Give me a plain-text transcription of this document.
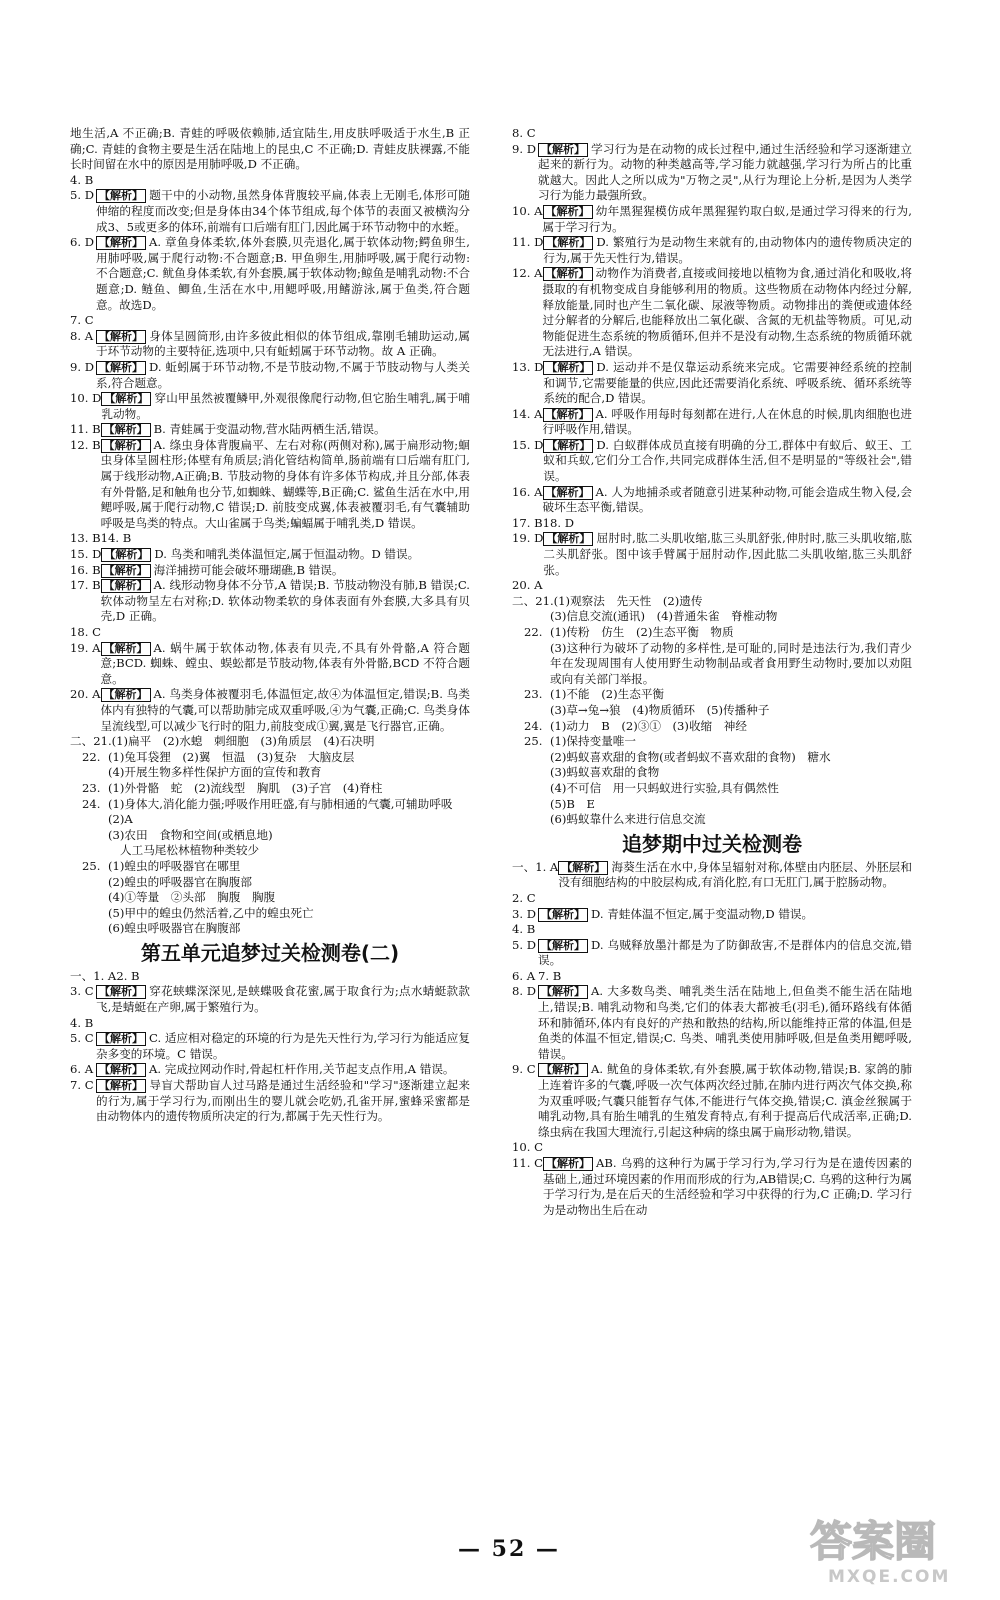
地生活,A 不正确;B. 青蛙的呼吸依赖肺,适宜陆生,用皮肤呼吸适于水生,B 正确;C. 青蛙的食物主要是生活在陆地上的昆虫,C 不正确;D. 青蛙皮肤裸露,不能长时间留在水中的原因是用肺呼吸,D 不正确。
4. B
5. D 【解析】 题干中的小动物,虽然身体背腹较平扁,体表上无刚毛,体形可随伸缩的程度而改变;但是身体由34个体节组成,每个体节的表面又被横沟分成3、5或更多的体环,前端有口后端有肛门,因此属于环节动物中的水蛭。
6. D 【解析】 A. 章鱼身体柔软,体外套膜,贝壳退化,属于软体动物;鳄鱼卵生,用肺呼吸,属于爬行动物:不合题意;B. 甲鱼卵生,用肺呼吸,属于爬行动物:不合题意;C. 鱿鱼身体柔软,有外套膜,属于软体动物;鲸鱼是哺乳动物:不合题意;D. 鲢鱼、鲫鱼,生活在水中,用鳃呼吸,用鳍游泳,属于鱼类,符合题意。故选D。
7. C
8. A 【解析】 身体呈圆筒形,由许多彼此相似的体节组成,靠刚毛辅助运动,属于环节动物的主要特征,选项中,只有蚯蚓属于环节动物。故 A 正确。
9. D 【解析】 D. 蚯蚓属于环节动物,不是节肢动物,不属于节肢动物与人类关系,符合题意。
10. D 【解析】 穿山甲虽然被覆鳞甲,外观很像爬行动物,但它胎生哺乳,属于哺乳动物。
11. B 【解析】 B. 青蛙属于变温动物,营水陆两栖生活,错误。
12. B 【解析】 A. 绦虫身体背腹扁平、左右对称(两侧对称),属于扁形动物;蛔虫身体呈圆柱形;体壁有角质层;消化管结构简单,肠前端有口后端有肛门,属于线形动物,A正确;B. 节肢动物的身体有许多体节构成,并且分部,体表有外骨骼,足和触角也分节,如蜘蛛、蝴蝶等,B正确;C. 鲨鱼生活在水中,用鳃呼吸,属于爬行动物,C 错误;D. 前肢变成翼,体表被覆羽毛,有气囊辅助呼吸是鸟类的特点。大山雀属于鸟类;蝙蝠属于哺乳类,D 错误。
13. B 14. B
15. D 【解析】 D. 鸟类和哺乳类体温恒定,属于恒温动物。D 错误。
16. B 【解析】 海洋捕捞可能会破坏珊瑚礁,B 错误。
17. B 【解析】 A. 线形动物身体不分节,A 错误;B. 节肢动物没有肺,B 错误;C. 软体动物呈左右对称;D. 软体动物柔软的身体表面有外套膜,大多具有贝壳,D 正确。
18. C
19. A 【解析】 A. 蜗牛属于软体动物,体表有贝壳,不具有外骨骼,A 符合题意;BCD. 蜘蛛、螳虫、蜈蚣都是节肢动物,体表有外骨骼,BCD 不符合题意。
20. A 【解析】 A. 鸟类身体被覆羽毛,体温恒定,故④为体温恒定,错误;B. 鸟类体内有独特的气囊,可以帮助肺完成双重呼吸,④为气囊,正确;C. 鸟类身体呈流线型,可以减少飞行时的阻力,前肢变成①翼,翼是飞行器官,正确。
二、21. (1)扁平　(2)水螅　刺细胞　(3)角质层　(4)石决明
22. (1)兔耳袋狸　(2)翼　恒温　(3)复杂　大脑皮层
(4)开展生物多样性保护方面的宣传和教育
23. (1)外骨骼　蛇　(2)流线型　胸肌　(3)子宫　(4)脊柱
24. (1)身体大,消化能力强;呼吸作用旺盛,有与肺相通的气囊,可辅助呼吸
(2)A
(3)农田　食物和空间(或栖息地)
人工马尾松林植物种类较少
25. (1)蝗虫的呼吸器官在哪里
(2)蝗虫的呼吸器官在胸腹部
(4)①等量　②头部　胸腹　胸腹
(5)甲中的蝗虫仍然活着,乙中的蝗虫死亡
(6)蝗虫呼吸器官在胸腹部
第五单元追梦过关检测卷(二)
一、1. A 2. B
3. C 【解析】 穿花蛱蝶深深见,是蛱蝶吸食花蜜,属于取食行为;点水蜻蜓款款飞,是蜻蜓在产卵,属于繁殖行为。
4. B
5. C 【解析】 C. 适应相对稳定的环境的行为是先天性行为,学习行为能适应复杂多变的环境。C 错误。
6. A 【解析】 A. 完成拉网动作时,骨起杠杆作用,关节起支点作用,A 错误。
7. C 【解析】 导盲犬帮助盲人过马路是通过生活经验和"学习"逐渐建立起来的行为,属于学习行为,而刚出生的婴儿就会吃奶,孔雀开屏,蜜蜂采蜜都是由动物体内的遗传物质所决定的行为,都属于先天性行为。
8. C
9. D 【解析】 学习行为是在动物的成长过程中,通过生活经验和学习逐渐建立起来的新行为。动物的种类越高等,学习能力就越强,学习行为所占的比重就越大。因此人之所以成为"万物之灵",从行为理论上分析,是因为人类学习行为能力最强所致。
10. A 【解析】 幼年黑猩猩模仿成年黑猩猩钓取白蚁,是通过学习得来的行为,属于学习行为。
11. D 【解析】 D. 繁殖行为是动物生来就有的,由动物体内的遗传物质决定的行为,属于先天性行为,错误。
12. A 【解析】 动物作为消费者,直接或间接地以植物为食,通过消化和吸收,将摄取的有机物变成自身能够利用的物质。这些物质在动物体内经过分解,释放能量,同时也产生二氧化碳、尿液等物质。动物排出的粪便或遗体经过分解者的分解后,也能释放出二氧化碳、含氮的无机盐等物质。可见,动物能促进生态系统的物质循环,但并不是没有动物,生态系统的物质循环就无法进行,A 错误。
13. D 【解析】 D. 运动并不是仅靠运动系统来完成。它需要神经系统的控制和调节,它需要能量的供应,因此还需要消化系统、呼吸系统、循环系统等系统的配合,D 错误。
14. A 【解析】 A. 呼吸作用每时每刻都在进行,人在休息的时候,肌肉细胞也进行呼吸作用,错误。
15. D 【解析】 D. 白蚁群体成员直接有明确的分工,群体中有蚁后、蚁王、工蚁和兵蚁,它们分工合作,共同完成群体生活,但不是明显的"等级社会",错误。
16. A 【解析】 A. 人为地捕杀或者随意引进某种动物,可能会造成生物入侵,会破坏生态平衡,错误。
17. B 18. D
19. D 【解析】 屈肘时,肱二头肌收缩,肱三头肌舒张,伸肘时,肱三头肌收缩,肱二头肌舒张。图中该手臂属于屈肘动作,因此肱二头肌收缩,肱三头肌舒张。
20. A
二、21. (1)观察法　先天性　(2)遗传
(3)信息交流(通讯)　(4)普通朱雀　脊椎动物
22. (1)传粉　仿生　(2)生态平衡　物质
(3)这种行为破坏了动物的多样性,是可耻的,同时是违法行为,我们青少年在发现周围有人使用野生动物制品或者食用野生动物时,要加以劝阻或向有关部门举报。
23. (1)不能　(2)生态平衡
(3)草→兔→狼　(4)物质循环　(5)传播种子
24. (1)动力　B　(2)③①　(3)收缩　神经
25. (1)保持变量唯一
(2)蚂蚁喜欢甜的食物(或者蚂蚁不喜欢甜的食物)　糖水
(3)蚂蚁喜欢甜的食物
(4)不可信　用一只蚂蚁进行实验,具有偶然性
(5)B　E
(6)蚂蚁靠什么来进行信息交流
追梦期中过关检测卷
一、1. A 【解析】 海葵生活在水中,身体呈辐射对称,体壁由内胚层、外胚层和没有细胞结构的中胶层构成,有消化腔,有口无肛门,属于腔肠动物。
2. C
3. D 【解析】 D. 青蛙体温不恒定,属于变温动物,D 错误。
4. B
5. D 【解析】 D. 乌贼释放墨汁都是为了防御敌害,不是群体内的信息交流,错误。
6. A 7. B
8. D 【解析】 A. 大多数鸟类、哺乳类生活在陆地上,但鱼类不能生活在陆地上,错误;B. 哺乳动物和鸟类,它们的体表大都被毛(羽毛),循环路线有体循环和肺循环,体内有良好的产热和散热的结构,所以能维持正常的体温,但是鱼类的体温不恒定,错误;C. 鸟类、哺乳类使用肺呼吸,但是鱼类用鳃呼吸,错误。
9. C 【解析】 A. 鱿鱼的身体柔软,有外套膜,属于软体动物,错误;B. 家鸽的肺上连着许多的气囊,呼吸一次气体两次经过肺,在肺内进行两次气体交换,称为双重呼吸;气囊只能暂存气体,不能进行气体交换,错误;C. 滇金丝猴属于哺乳动物,具有胎生哺乳的生殖发育特点,有利于提高后代成活率,正确;D. 绦虫病在我国大理流行,引起这种病的绦虫属于扁形动物,错误。
10. C
11. C 【解析】 AB. 乌鸦的这种行为属于学习行为,学习行为是在遗传因素的基础上,通过环境因素的作用而形成的行为,AB错误;C. 乌鸦的这种行为属于学习行为,是在后天的生活经验和学习中获得的行为,C 正确;D. 学习行为是动物出生后在动
— 52 —	答案圈
MXQE.COM
